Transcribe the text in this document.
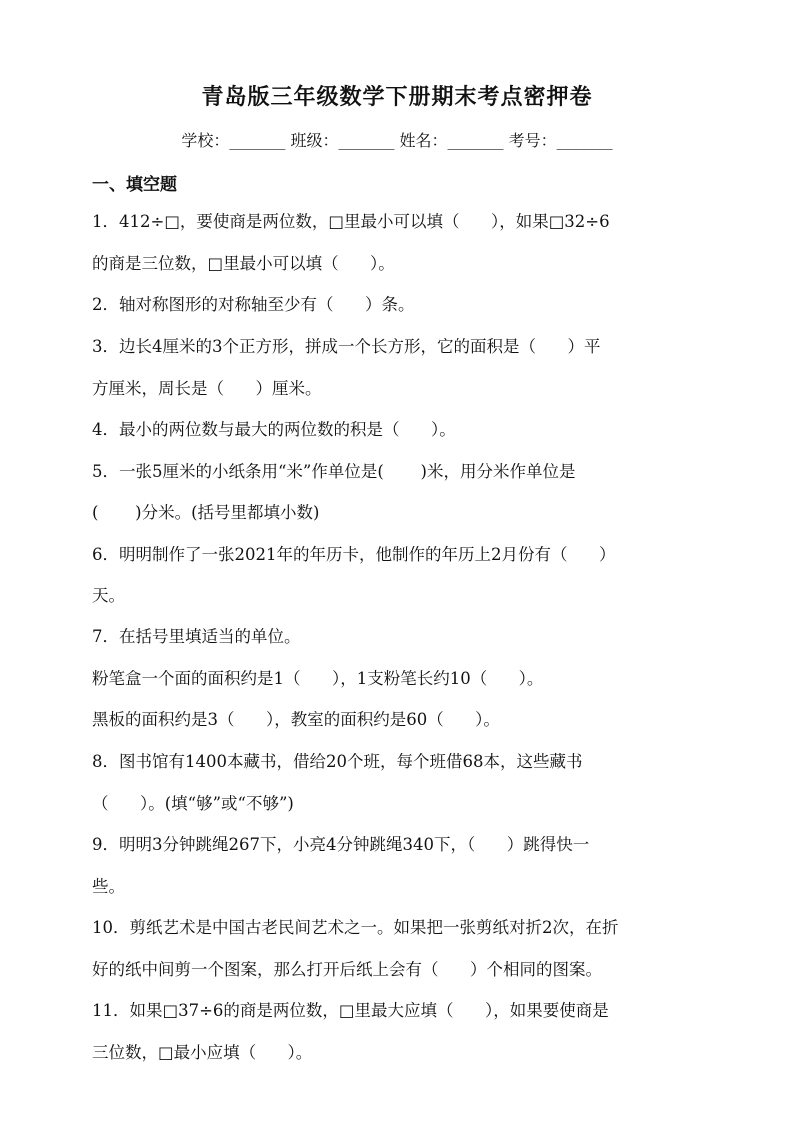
青岛版三年级数学下册期末考点密押卷
学校：_______ 班级：_______ 姓名：_______ 考号：_______
一、填空题
1．412÷□，要使商是两位数，□里最小可以填（      ），如果□32÷6
的商是三位数，□里最小可以填（      ）。
2．轴对称图形的对称轴至少有（      ）条。
3．边长4厘米的3个正方形，拼成一个长方形，它的面积是（      ）平
方厘米，周长是（      ）厘米。
4．最小的两位数与最大的两位数的积是（      ）。
5．一张5厘米的小纸条用“米”作单位是(       )米，用分米作单位是
(       )分米。(括号里都填小数)
6．明明制作了一张2021年的年历卡，他制作的年历上2月份有（      ）
天。
7．在括号里填适当的单位。
粉笔盒一个面的面积约是1（      ），1支粉笔长约10（      ）。
黑板的面积约是3（      ），教室的面积约是60（      ）。
8．图书馆有1400本藏书，借给20个班，每个班借68本，这些藏书
（      ）。(填“够”或“不够”)
9．明明3分钟跳绳267下，小亮4分钟跳绳340下，（      ）跳得快一
些。
10．剪纸艺术是中国古老民间艺术之一。如果把一张剪纸对折2次，在折
好的纸中间剪一个图案，那么打开后纸上会有（      ）个相同的图案。
11．如果□37÷6的商是两位数，□里最大应填（      ），如果要使商是
三位数，□最小应填（      ）。
